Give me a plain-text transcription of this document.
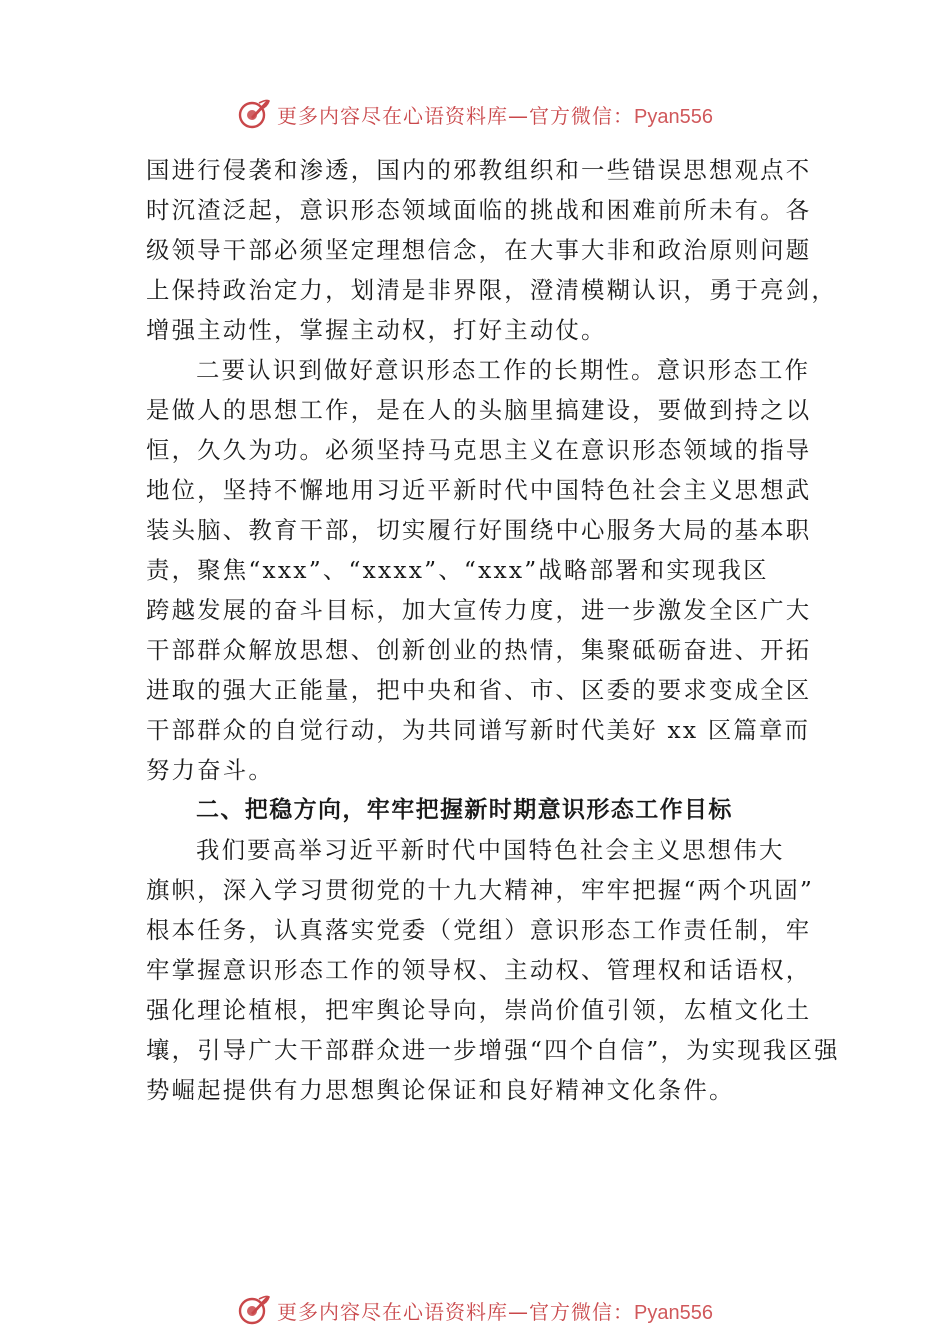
更多内容尽在心语资料库—官方微信：Pyan556
国进行侵袭和渗透，国内的邪教组织和一些错误思想观点不
时沉渣泛起，意识形态领域面临的挑战和困难前所未有。各
级领导干部必须坚定理想信念，在大事大非和政治原则问题
上保持政治定力，划清是非界限，澄清模糊认识，勇于亮剑，
增强主动性，掌握主动权，打好主动仗。
二要认识到做好意识形态工作的长期性。意识形态工作
是做人的思想工作，是在人的头脑里搞建设，要做到持之以
恒，久久为功。必须坚持马克思主义在意识形态领域的指导
地位，坚持不懈地用习近平新时代中国特色社会主义思想武
装头脑、教育干部，切实履行好围绕中心服务大局的基本职
责，聚焦“xxx”、“xxxx”、“xxx”战略部署和实现我区
跨越发展的奋斗目标，加大宣传力度，进一步激发全区广大
干部群众解放思想、创新创业的热情，集聚砥砺奋进、开拓
进取的强大正能量，把中央和省、市、区委的要求变成全区
干部群众的自觉行动，为共同谱写新时代美好 xx 区篇章而
努力奋斗。
二、把稳方向，牢牢把握新时期意识形态工作目标
我们要高举习近平新时代中国特色社会主义思想伟大
旗帜，深入学习贯彻党的十九大精神，牢牢把握“两个巩固”
根本任务，认真落实党委（党组）意识形态工作责任制，牢
牢掌握意识形态工作的领导权、主动权、管理权和话语权，
强化理论植根，把牢舆论导向，崇尚价值引领，厷植文化土
壤，引导广大干部群众进一步增强“四个自信”，为实现我区强
势崛起提供有力思想舆论保证和良好精神文化条件。
更多内容尽在心语资料库—官方微信：Pyan556
